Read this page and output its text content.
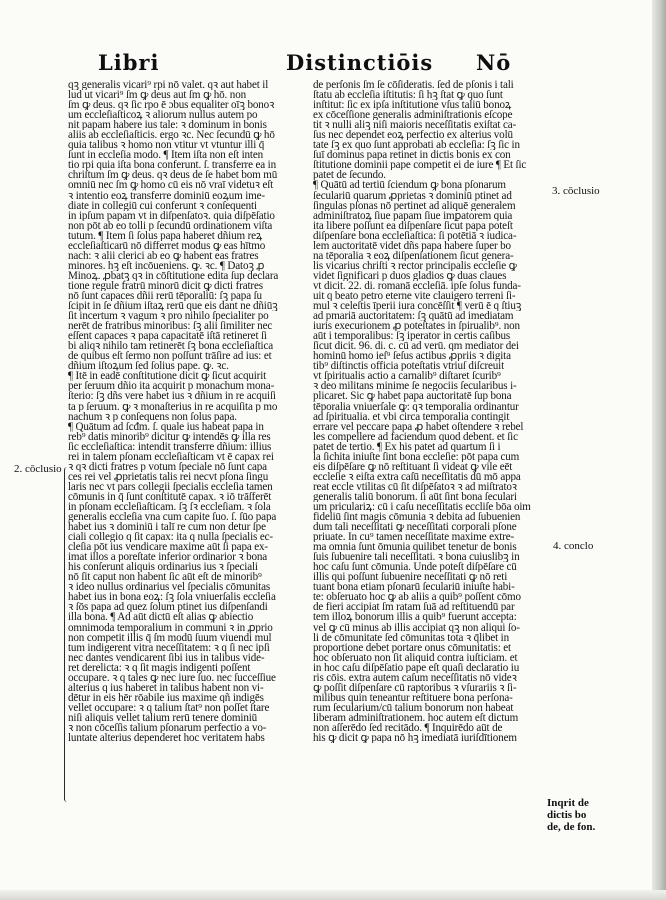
Libri	Distinctiōis Nō
qꝫ generalis vicari⁹ rpi nō valet. qꝛ aut habet il
lud ut vicari⁹ ſm ꝙ deus aut ſm ꝙ hō. non
ſm ꝙ deus. qꝛ ſic rpo ē ɔbus equaliter oīꝫ bonoꝛ
um eccleſiaſticoꝝ ꝛ aliorum nullus autem po
nit papam habere ius tale: ꝛ dominum in bonis
aliis ab eccleſiaſticis. ergo ꝛc. Nec ſecundū ꝙ hō
quia talibus ꝛ homo non vtitur vt vtuntur illi q̄
ſunt in eccleſia modo. ¶ Item iſta non eſt inten
tio rpi quia iſta bona conferunt. ſ. transferre ea in
chriſtum ſm ꝙ deus. qꝛ deus de ſe habet bom mū
omniū nec ſm ꝙ homo cū eis nō vraī videtuꝛ eſt
ꝛ intentio eoꝝ transferre dominiū eoꝝum ime-
diate in collegiū cui conferunt ꝛ conſequenti
in ipſum papam vt in diſpenſatoꝛ. quia diſpēſatio
non pōt ab eo tolli p ſecundū ordinationem viſta
tutum. ¶ Item ſi ſolus papa haberet dñium reꝝ
eccleſiaſticarū nō differret modus ꝙ eas hītmo
nach: ꝛ alii clerici ab eo ꝙ habent eas fratres
minores. hꝫ eſt incōueniens. ꝙ. ꝛc. ¶ Datoꝫ ꝓ
Minoꝝ. ꝓbatꝫ qꝛ in cōſtitutione edita ſup declara
tione regule fratrū minorū dicit ꝙ dicti fratres
nō ſunt capaces dñii rerū tēporaliū: ſꝫ papa ſu
ſcipit in ſe dñium iſtaꝝ rerū que eis dant ne dñiūꝫ
ſit incertum ꝛ vagum ꝛ pro nihilo ſpecialiter po
nerēt de fratribus minoribus: ſꝫ alii ſimiliter nec
eſſent capaces ꝛ papa capacitatē iſtā retineret ſi
bi aliqꝛ nihilo tam retinerēt ſꝫ bona eccleſiaſtica
de quibus eſt ſermo non poſſunt trāſire ad ius: et
dñium iſtoꝝum ſed ſolius pape. ꝙ. ꝛc.
¶ Itē in eadē conſtitutione dicit ꝙ ſicut acquirit
per ſeruum dñio ita acquirit p monachum mona-
ſterio: ſꝫ dñs vere habet ius ꝛ dñium in re acquiſi
ta p ſeruum. ꝙ ꝛ monaſterius in re acquiſita p mo
nachum ꝛ p conſequens non ſolus papa.
¶ Quātum ad ſcđm. ſ. quale ius habeat papa in
reb⁹ datis minorib⁹ dicitur ꝙ intendēs ꝙ illa res
ſic eccleſiaſtica: intendit transferre dñium: illius
rei in talem pſonam eccleſiaſticam vt ē capax rei
ꝛ qꝛ dicti fratres p votum ſpeciale nō ſunt capa
ces rei vel ꝓprietatis talis rei necvt pſona ſingu
laris nec vt pars collegii ſpecialis eccleſia tamen
cōmunis in q̄ ſunt conſtitutē capax. ꝛ iō trāſferēt
in pſonam eccleſiaſticam. ſꝫ ſꝛ eccleſiam. ꝛ ſola
generalis eccleſia vna cum capite ſuo. ſ. ſūo papa
habet ius ꝛ dominiū i talī re cum non detur ſpe
ciali collegio q ſit capax: ita q nulla ſpecialis ec-
cleſia pōt ius vendicare maxime aūt ſi papa ex-
imat illos a poreſtate inferior ordinarior ꝛ bona
his conſerunt aliquis ordinarius ius ꝛ ſpeciali
nō ſit caput non habent ſic aūt eſt de minorib⁹
ꝛ ideo nullus ordinarius vel ſpecialis cōmunitas
habet ius in bona eoꝝ: ſꝫ ſola vniuerſalis eccleſia
ꝛ ſōs papa ad quez ſolum ptinet ius diſpenſandi
illa bona. ¶ Ad aūt dictū eſt alias ꝙ abiectio
omnimoda temporalium in communi ꝛ in ꝓprio
non competit illis q̄ ſm modū ſuum viuendi mul
tum indigerent vitra neceſſitatem: ꝛ q ſi nec ipſi
nec dantes vendicarent ſibi ius in talibus vide-
ret derelicta: ꝛ q ſit magis indigenti poſſent
occupare. ꝛ q tales ꝙ nec iure ſuo. nec ſucceſſiue
alterius q ius haberet in talibus habent non vi-
dētur in eis hēr rōabile ius maxime qñ indigēs
vellet occupare: ꝛ q talium ſtat⁹ non poſſet ſtare
niſi aliquis vellet talium rerū tenere dominiū
ꝛ non cōceſſis talium pſonarum perfectio a vo-
luntate alterius dependeret hoc veritatem habs
de perſonis ſm ſe cōſideratis. ſed de pſonis i tali
ſtatu ab eccleſia iſtitutis: ſi hꝫ ſtat ꝙ quo ſunt
inſtitut: ſic ex ipſa inſtitutione vſus taliū bonoꝝ
ex cōceſſione generalis adminiſtrationis eſcope
tit ꝛ nulli aliꝫ niſi maioris neceſſitatis exiſtat ca-
ſus nec dependet eoꝝ perfectio ex alterius volū
tate ſꝫ ex quo ſunt approbati ab eccleſia: ſꝫ ſic in
ſuī dominus papa retinet in dictis bonis ex con
ſtitutione dominii pape competit ei de iure ¶ Et ſic
patet de ſecundo.
¶ Quātū ad tertiū ſciendum ꝙ bona pſonarum
ſeculariū quarum ꝓprietas ꝛ dominiū ptinet ad
ſingulas pſonas nō pertinet ad aliquē generalem
adminiſtratoꝝ ſiue papam ſiue imꝑatorem quia
ita libere poſſunt ea diſpenſare ſicut papa poteſt
diſpenſare bona eccleſiaſtica: ſi potētiā ꝛ iudica-
lem auctoritatē videt dñs papa habere ſuper bo
na tēporalia ꝛ eoꝝ diſpenſationem ſicut genera-
lis vicarius chriſti ꝛ rector principalis eccleſie ꝙ
videt ſignificari p duos gladios ꝙ duas claues
vt dicit. 22. di. romanā eccleſiā. ipſe ſolus funda-
uit q beato petro eterne vite clauigero terreni ſi-
mul ꝛ celeſtis īperii iura concēſſit ¶ verū ē q ſtiuꝫ
ad pmariā auctoritatem: ſꝫ quātū ad imediatam
iuris execurionem ꝓ poteſtates in ſpirualib⁹. non
aūt i temporalibus: ſꝫ iperator in certis caſibus
ſicut dicit. 96. di. c. cū ad verū. qm mediator dei
hominū homo ieſ⁹ ſeſus actibus ꝓpriis ꝛ digita
tib⁹ diſtinctis officia poteſtatis vtriuſ diſcreuit
vt ſpiritualis actio a carnalib⁹ diſtaret ſcurib⁹
ꝛ deo militans minime ſe negociis ſecularibus i-
plicaret. Sic ꝙ habet papa auctoritatē ſup bona
tēporalia vniuerſale ꝙ: qꝛ temporalia ordinantur
ad ſpiritualia. et vbi circa temporalia contingit
errare vel peccare papa ꝓ habet oſtendere ꝛ rebel
les compellere ad faciendum quod debent. et ſic
patet de tertio. ¶ Ex his patet ad quartum ſi i
la ſichita iniuſte ſint bona eccleſie: pōt papa cum
eis diſpēſare ꝙ nō reſtituant ſi videat ꝙ vile eēt
eccleſie ꝛ eiſta extra caſū neceſſitatis dū mō appa
reat eccle vtilitas cū ſit diſpēſatoꝛ ꝛ ad miſtratoꝛ
generalis taliū bonorum. ſi aūt ſint bona ſeculari
um priculariꝝ: cū i caſu neceſſitatis eccliſe bōa oim
fideliū ſint magis cōmunia ꝛ debita ad ſubuenien
dum tali neceſſitati ꝙ neceſſitati corporali pſone
priuate. In cu⁹ tamen neceſſitate maxime extre-
ma omnia ſunt ōmunia quilibet tenetur de bonis
ſuis ſubuenire tali neceſſitati. ꝛ bona cuiuslibꝫ in
hoc caſu ſunt cōmunia. Unde poteſt diſpēſare cū
illis qui poſſunt ſubuenire neceſſitati ꝙ nō reti
tuant bona etiam pſonarū ſeculariū iniuſte habi-
te: obſeruato hoc ꝙ ab aliis a quib⁹ poſſent cōmo
de fieri accipiat ſm ratam ſuā ad reſtituendū par
tem illoꝝ bonorum illis a quib⁹ fuerunt accepta:
vel ꝙ cū minus ab illis accipiat qꝫ non aliqui ſo-
li de cōmunitate ſed cōmunitas tota ꝛ q̄libet in
proportione debet portare onus cōmunitatis: et
hoc obſeruato non ſit aliquid contra iuſticiam. et
in hoc caſu diſpēſatio pape eſt quaſi declaratio iu
ris cōis. extra autem caſum neceſſitatis nō videꝛ
ꝙ poſſit diſpenſare cū raptoribus ꝛ vſurariis ꝛ ſi-
milibus quin teneantur reſtituere bona perſona-
rum ſecularium/cū talium bonorum non habeat
liberam adminiſtrationem. hoc autem eſt dictum
non aſſerēdo ſed recitādo. ¶ Inquirēdo aūt de
his ꝙ dicit ꝙ papa nō hꝫ imediatā iuriſdītionem
2. cōclusio
3. cōclusio
4. conclo
Inqrit de
dictis bo
de, de fon.
